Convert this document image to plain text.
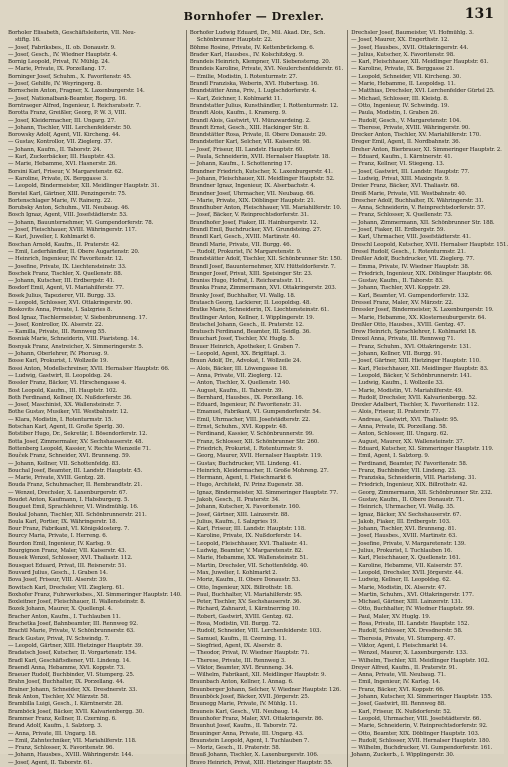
Bornhofer — Drexler.	131
Borholer Elisabeth, Geschäftsleiterin, VII. Neu-
stiftg. 16.
— Josef, Fabriksbes., II. ob. Donaustr. 9.
— Josef, Gesch., IV. Wiedner Hauptstr. 4.
Bornig Leopold, Privat, IV. Mühlg. 24.
— Marie, Private, IX. Porzellang. 17.
Borninger Josef, Schuhm., X. Favoritenstr. 45.
— Josef, Gehilfe, IV. Weyringerg. 8.
Bornschein Anton, Fragner, X. Laxenburgerstr. 14.
— Josef, Nationalbank-Beamter, Rogerg. 16.
Borntraeger Alfred, Ingenieur, I. Reichsratsstr. 7.
Borotta Franz, Greißler, Georg, P. W. 3, VIII.
— Josef, Kleidermacher, III. Ungarg. 27.
— Johann, Tischler, VIII. Lerchenfelderstr. 50.
Borowsky Adolf, Agent, VII. Kircheng. 44.
— Gustav, Kontrollor, VII. Zieglerg. 37.
— Johann, Kaufm., II. Taborstr. 24.
— Karl, Zuckerbäcker, III. Hauptstr. 43.
— Marie, Hebamme, XVI. Hasnerstr. 26.
Borsini Karl, Friseur, V. Margaretenstr. 62.
— Karoline, Private, IX. Berggasse 3.
— Leopold, Bindermeister, XII. Meidlinger Hauptstr. 31.
Borstel Karl, Gärtner, XIII. Penzingerstr. 75.
Bortenschlager Marie, IV. Rainerg. 22.
Borubsky Anton, Schuhm., VII. Neubaug. 46.
Bosch Ignaz, Agent, VIII. Josefstädterstr. 53.
— Johann, Bauunternehmer, VI. Gumpendorferstr. 78.
— Josef, Fleischhauer, XVIII. Währingerstr. 117.
— Karl, Juwelier, I. Kohlmarkt 6.
Boschan Arnold, Kaufm., II. Praterstr. 42.
— Emil, Lederhändler, II. Obere Augartenstr. 20.
— Heinrich, Ingenieur, IV. Favoritenstr. 12.
— Josefine, Private, IX. Liechtensteinstr. 33.
Boschek Franz, Tischler, X. Quellenstr. 88.
— Johann, Kutscher, III. Erdbergstr. 41.
Bosdorf Emil, Agent, VI. Mariahilferstr. 77.
Bosek Julius, Tapezierer, VII. Burgg. 33.
— Leopold, Schlosser, XVI. Ottakringerstr. 90.
Boskovits Anna, Private, I. Salzgries 8.
Bosl Ignaz, Tischlermeister, V. Siebenbrunneng. 17.
— Josef, Kontrollor, IX. Alserstr. 22.
— Kamilla, Private, III. Rennweg 55.
Bosniak Marie, Schneiderin, VIII. Piaristeng. 14.
Bosnyak Franz, Anstreicher, X. Simmeringerstr. 5.
— Johann, Oberlehrer, IV. Phorusg. 9.
Bosse Karl, Prokurist, I. Wollzeile 19.
Bossi Anton, Modellschreiner, XVII. Hernalser Hauptstr. 66.
— Ludwig, Gastwirt, II. Leopoldsg. 24.
Bossler Franz, Bäcker, VI. Hirschengasse 4.
Bost Leopold, Kaufm., III. Hauptstr. 102.
Both Ferdinand, Kellner, IX. Nußdorferstr. 36.
— Josef, Maschinist, XX. Wallensteinstr. 7.
Bothe Gustav, Musiker, VII. Westbahnstr. 12.
— Klara, Modistin, I. Rotenturmstr. 15.
Botschan Karl, Agent, II. Große Sperlg. 30.
Botstiber Hugo, Dr., Sekretär, I. Bösendorferstr. 12.
Botta Josef, Zimmermaler, XV. Sechshauserstr. 48.
Bottenberg Leopold, Kassier, V. Rechte Wienzeile 71.
Bouček Franz, Schneider, XVI. Brunneng. 59.
— Johann, Kellner, VII. Schottenfeldg. 83.
Bouchal Josef, Beamter, III. Landstr. Hauptstr. 45.
— Marie, Private, XVIII. Gentzg. 28.
Bouda Franz, Schuhmacher, II. Rembrandtstr. 21.
— Wenzel, Drechsler, X. Laxenburgerstr. 67.
Boudet Anton, Kaufmann, I. Habsburgerg. 5.
Bouguet Emil, Sprachlehrer, VI. Windmühlg. 16.
Boukal Johann, Tischler, XII. Schönbrunnerstr. 211.
Boula Karl, Portier, IX. Währingerstr. 18.
Bour Franz, Fabrikant, VI. Königsklosterg. 7.
Bourcy Maria, Private, I. Herreng. 6.
Bourdon Emil, Ingenieur, IV. Karlsg. 9.
Bourgignon Franz, Maler, VII. Kaiserstr. 43.
Bousek Wenzel, Schlosser, XVI. Thaliastr. 112.
Bousquet Eduard, Privat, III. Reisnerstr. 51.
Bouvard Julius, Gesch., I. Graben 14.
Bova Josef, Friseur, VIII. Alserstr. 39.
Bowitsch Karl, Drechsler, VII. Zieglerg. 61.
Boxhofer Franz, Fuhrwerksbes., XI. Simmeringer Hauptstr. 140.
Boxleitner Josef, Fleischhauer, II. Wallensteinstr. 8.
Bozek Johann, Maurer, X. Quellenpl. 4.
Bracher Anton, Kaufm., I. Tuchlauben 11.
Brachetka Josef, Bahnbeamter, III. Rennweg 92.
Brachtl Marie, Private, V. Schönbrunnerstr. 63.
Brack Gustav, Privat, IV. Schwindg. 7.
— Leopold, Gärtner, XIII. Hietzinger Hauptstr. 39.
Bradatsch Josef, Kutscher, II. Vorgartenstr. 154.
Bradl Karl, Geschäftsdiener, VII. Lindeng. 14.
Braendl Anna, Hebamme, XVI. Koppstr. 73.
Braeuer Rudolf, Buchbinder, VI. Stumperg. 25.
Brahn Josef, Buchhalter, IX. Porzellang. 44.
Brainer Johann, Schneider, XX. Dresdnerstr. 33.
Brak Anton, Tischler, XV. Märzstr. 58.
Brambilla Luigi, Gesch., I. Kärntnerstr. 28.
Bramböck Josef, Bäcker, XVII. Kalvarienbergg. 30.
Brammer Franz, Kellner, II. Czerning. 6.
Brand Adolf, Kaufm., I. Salztorg. 3.
— Anna, Private, III. Ungarg. 18.
— Emil, Zahntechniker, VII. Mariahilferstr. 118.
— Franz, Schlosser, X. Favoritenstr. 96.
— Johann, Hausbes., XVIII. Währingerstr. 144.
— Josef, Agent, II. Taborstr. 61.
Borhofer Ludwig Eduard, Dr., Mil. Akad. Dir., Sch.
Schönbrunner Hauptstr. 22.
Böhme Rosine, Private, IV. Kettenbrückeng. 6.
Brader Karl, Hausbes., IV. Kolschitzkyg. 9.
Brandeis Heinrich, Klempner, VII. Siebensterng. 20.
Brandeis Karoline, Private, XVI. Neulerchenfelderstr. 61.
— Emilie, Modistin, I. Rotenturmstr. 27.
Brandl Franziska, Weberin, XVI. Hubertusg. 16.
Brandstätter Anna, Priv., I. Luglschdorferstr. 4.
— Karl, Zeichner, I. Kohlmarkt 11.
Brandstatter Julius, Kunsthändler, I. Rottenturmstr. 12.
Brandt Alois, Kaufm., I. Kramerg. 9.
Brandl Alois, Gastwirt, VI. Münzwardeing. 2.
Brandt Ernst, Gesch., XIII. Hackinger Str. 8.
Brandstätter Rosa, Private, II. Obere Donaustr. 29.
Brandstetter Karl, Selcher, VII. Kaiserstr. 98.
— Josef, Friseur, III. Landstr. Hauptstr. 60.
— Paula, Schneiderin, XVII. Hernalser Hauptstr. 18.
— Johann, Kaufm., I. Schottenring 17.
Brandner Friedrich, Kutscher, X. Laxenburgerstr. 41.
— Johann, Fleischhauer, XII. Meidlinger Hauptstr. 52.
Brandner Ignaz, Ingenieur, IX. Alserbachstr. 4.
Brandner Josef, Uhrmacher, VII. Neubaug. 66.
— Marie, Private, XIX. Döblinger Hauptstr. 21.
Brandhuber Anton, Fleischhauer, VII. Mariahilferstr. 10.
— Josef, Bäcker, V. Reinprechtsdorferstr. 31.
Brandhofer Josef, Fiaker, III. Hainburgerstr. 12.
Brandl Emil, Buchdrucker, XVI. Grundsteing. 27.
Brandl Karl, Gesch., XVIII. Martinstr. 40.
Brandl Marie, Private, VII. Burgg. 46.
— Rudolf, Prokurist, IV. Margaretenstr. 9.
Brandstätter Adolf, Tischler, XII. Schönbrunner Str. 150.
Brandl Josef, Bauunternehmer, XIV. Hütteldorferstr. 7.
Branger Josef, Privat, XIII. Speisinger Str. 23.
Braniss Hugo, Hofrat, I. Reichsratsstr. 11.
Branka Franz, Zimmermann, XVI. Ottakringerstr. 203.
Branky Josef, Buchhalter, VI. Wallg. 18.
Bratasch Georg, Lackierer, II. Leopoldsg. 48.
Bratke Marie, Schneiderin, IX. Liechtensteinstr. 61.
Bratlinger Anton, Kellner, I. Wipplingerstr. 19.
Bratschel Johann, Gesch., II. Praterstr. 12.
Bratusch Ferdinand, Beamter, III. Seidlg. 36.
Brauchart Josef, Tischler, XV. Huglg. 5.
Brauer Heinrich, Apotheker, I. Graben 7.
— Leopold, Agent, XX. Brigittapl. 3.
Braun Adolf, Dr., Advokat, I. Wollzeile 24.
— Alois, Bäcker, III. Löwengasse 18.
— Anna, Private, VII. Zieglerg. 12.
— Anton, Tischler, X. Quellenstr. 140.
— August, Kaufm., II. Taborstr. 39.
— Bernhard, Hausbes., IX. Porzellang. 16.
— Eduard, Ingenieur, IV. Favoritenstr. 31.
— Emanuel, Fabrikant, VI. Gumpendorferstr. 54.
— Emil, Uhrmacher, VIII. Josefstädterstr. 22.
— Ernst, Schuhm., XVI. Koppstr. 48.
— Ferdinand, Kassier, V. Schönbrunnerstr. 99.
— Franz, Schlosser, XII. Schönbrunner Str. 260.
— Friedrich, Prokurist, I. Rotenturmstr. 9.
— Georg, Maurer, XVII. Hernalser Hauptstr. 119.
— Gustav, Buchdrucker, VII. Lindeng. 41.
— Heinrich, Kleidermacher, II. Große Mohreng. 27.
— Hermann, Agent, I. Fleischmarkt 6.
— Hugo, Architekt, IV. Prinz Eugenstr. 38.
— Ignaz, Bindermeister, XI. Simmeringer Hauptstr. 77.
— Jakob, Gesch., II. Praterstr. 34.
— Johann, Kutscher, X. Favoritenstr. 160.
— Josef, Gärtner, XIII. Lainzerstr. 88.
— Julius, Kaufm., I. Salzgries 19.
— Karl, Friseur, III. Landstr. Hauptstr. 118.
— Karoline, Private, IX. Nußdorferstr. 14.
— Leopold, Fleischhauer, XVI. Thaliastr. 41.
— Ludwig, Beamter, V. Margaretenstr. 82.
— Marie, Hebamme, XX. Wallensteinstr. 51.
— Martin, Drechsler, VII. Schottenfeldg. 40.
— Max, Juwelier, I. Kohlmarkt 2.
— Moriz, Kaufm., II. Obere Donaustr. 53.
— Otto, Ingenieur, XIX. Billrothstr. 18.
— Paul, Buchhalter, VI. Mariahilferstr. 95.
— Peter, Tischler, XV. Sechshauserstr. 36.
— Richard, Zahnarzt, I. Kärntnerring 10.
— Robert, Gastwirt, XVIII. Gentzg. 62.
— Rosa, Modistin, VII. Burgg. 72.
— Rudolf, Schneider, VIII. Lerchenfelderstr. 103.
— Samuel, Kaufm., II. Czerning. 11.
— Siegfried, Agent, IX. Alserstr. 8.
— Theodor, Privat, IV. Wiedner Hauptstr. 71.
— Therese, Private, III. Rennweg 3.
— Viktor, Beamter, XVI. Brunneng. 34.
— Wilhelm, Fabrikant, XII. Meidlinger Hauptstr. 9.
Braunbach Anton, Kellner, I. Annag. 6.
Braunberger Johann, Selcher, V. Wiedner Hauptstr. 126.
Braunböck Josef, Bäcker, XVII. Jörgerstr. 25.
Braunegg Marie, Private, IV. Mühlg. 11.
Brauneis Karl, Gesch., VII. Neubaug. 14.
Braunhofer Franz, Maler, XVI. Ottakringerstr. 86.
Braunhut Josef, Kaufm., II. Taborstr. 72.
Brauninger Anna, Private, III. Ungarg. 43.
Braunstein Leopold, Agent, I. Tuchlauben 7.
— Moriz, Gesch., II. Praterstr. 58.
Brauß Johann, Tischler, X. Laxenburgerstr. 106.
Bravo Heinrich, Privat, XIII. Hietzinger Hauptstr. 55.
Drechsler Josef, Baumeister, VI. Hofmühlg. 3.
— Josef, Maurer, XX. Engerthstr. 12.
— Josef, Hausbes., XVII. Ottakringerstr. 44.
— Julius, Kutscher, X. Favoritenstr. 98.
— Karl, Fleischhauer, XII. Meidlinger Hauptstr. 61.
— Karoline, Private, IX. Berggasse 21.
— Leopold, Schneider, VII. Kircheng. 30.
— Marie, Hebamme, II. Leopoldsg. 11.
— Matthias, Drechsler, XVI. Lerchenfelder Gürtel 25.
— Michael, Schlosser, III. Kleistg. 8.
— Otto, Ingenieur, IV. Schwindg. 19.
— Paula, Modistin, I. Graben 26.
— Rudolf, Gesch., V. Margaretenstr. 104.
— Therese, Private, XVIII. Währingerstr. 90.
Drecker Anton, Tischler, XV. Mariahilferstr. 170.
Dreger Emil, Agent, II. Nordbahnstr. 36.
Dreher Anton, Bierbrauer, XI. Simmeringer Hauptstr. 2.
— Eduard, Kaufm., I. Kärntnerstr. 41.
— Franz, Kellner, VI. Stiegeng. 13.
— Josef, Gastwirt, III. Landstr. Hauptstr. 77.
— Ludwig, Privat, XIII. Maxingstr. 9.
Dreier Franz, Bäcker, XVI. Thaliastr. 68.
Dreiß Marie, Private, VII. Westbahnstr. 40.
Drescher Adolf, Buchhalter, IX. Währingerstr. 31.
— Anna, Schneiderin, V. Reinprechtsdorferstr. 57.
— Franz, Schlosser, X. Quellenstr. 73.
— Johann, Zimmermann, XII. Schönbrunner Str. 188.
— Josef, Fiaker, III. Erdbergstr. 59.
— Karl, Uhrmacher, VIII. Josefstädterstr. 41.
Dreschl Leopold, Kutscher, XVII. Hernalser Hauptstr. 151.
Dresel Rudolf, Gesch., I. Rotenturmstr. 21.
Dreßler Adolf, Buchdrucker, VII. Zieglerg. 77.
— Emma, Private, IV. Wiedner Hauptstr. 38.
— Friedrich, Ingenieur, XIX. Döblinger Hauptstr. 66.
— Gustav, Kaufm., II. Taborstr. 83.
— Johann, Tischler, XVI. Koppstr. 29.
— Karl, Beamter, VI. Gumpendorferstr. 132.
Dressel Franz, Maler, XV. Märzstr. 22.
Dressler Josef, Bindermeister, X. Laxenburgerstr. 19.
— Marie, Hebamme, XX. Klosterneuburgerstr. 64.
Dreßler Otto, Hausbes., XVIII. Gentzg. 47.
Drew Heinrich, Sprachlehrer, I. Kohlmarkt 18.
Drexel Anna, Private, III. Rennweg 71.
— Franz, Schuhm., XVI. Ottakringerstr. 131.
— Johann, Kellner, VII. Burgg. 91.
— Josef, Gärtner, XIII. Hietzinger Hauptstr. 110.
— Karl, Fleischhauer, XII. Meidlinger Hauptstr. 83.
— Leopold, Bäcker, V. Schönbrunnerstr. 141.
— Ludwig, Kaufm., I. Wollzeile 33.
— Marie, Modistin, VI. Mariahilferstr. 49.
— Rudolf, Drechsler, XVII. Kalvarienbergg. 52.
Drexler Adalbert, Tischler, X. Favoritenstr. 112.
— Alois, Friseur, II. Praterstr. 77.
— Andreas, Gastwirt, XVI. Thaliastr. 95.
— Anna, Private, IX. Porzellang. 58.
— Anton, Schlosser, III. Ungarg. 62.
— August, Maurer, XX. Wallensteinstr. 37.
— Eduard, Kutscher, XI. Simmeringer Hauptstr. 119.
— Emil, Agent, I. Salztorg. 9.
— Ferdinand, Beamter, IV. Favoritenstr. 58.
— Franz, Buchbinder, VII. Lindeng. 23.
— Franziska, Schneiderin, VIII. Piaristeng. 31.
— Friedrich, Ingenieur, XIX. Billrothstr. 42.
— Georg, Zimmermann, XII. Schönbrunner Str. 232.
— Gustav, Kaufm., II. Obere Donaustr. 71.
— Heinrich, Uhrmacher, VI. Wallg. 35.
— Ignaz, Bäcker, XV. Sechshauserstr. 67.
— Jakob, Fiaker, III. Erdbergstr. 103.
— Johann, Tischler, XVI. Brunneng. 81.
— Josef, Hausbes., XVIII. Martinstr. 63.
— Josefine, Private, V. Margaretenstr. 139.
— Julius, Prokurist, I. Tuchlauben 16.
— Karl, Fleischhauer, X. Quellenstr. 161.
— Karoline, Hebamme, VII. Kaiserstr. 57.
— Leopold, Drechsler, XVII. Jörgerstr. 44.
— Ludwig, Kellner, II. Leopoldsg. 62.
— Marie, Modistin, IX. Alserstr. 47.
— Martin, Schuhm., XVI. Ottakringerstr. 177.
— Michael, Gärtner, XIII. Lainzerstr. 131.
— Otto, Buchhalter, IV. Wiedner Hauptstr. 99.
— Paul, Maler, XV. Huglg. 19.
— Rosa, Private, III. Landstr. Hauptstr. 152.
— Rudolf, Schlosser, XX. Dresdnerstr. 58.
— Theresia, Private, VI. Stumperg. 47.
— Viktor, Agent, I. Fleischmarkt 14.
— Wenzel, Maurer, X. Laxenburgerstr. 133.
— Wilhelm, Tischler, XII. Meidlinger Hauptstr. 102.
Dreyer Alfred, Kaufm., II. Praterstr. 91.
— Anna, Private, VII. Neubaug. 71.
— Emil, Ingenieur, IV. Karlsg. 14.
— Franz, Bäcker, XVI. Koppstr. 66.
— Johann, Kutscher, XI. Simmeringer Hauptstr. 155.
— Josef, Gastwirt, III. Rennweg 88.
— Karl, Friseur, IX. Nußdorferstr. 52.
— Leopold, Uhrmacher, VIII. Josefstädterstr. 66.
— Marie, Schneiderin, V. Reinprechtsdorferstr. 92.
— Otto, Beamter, XIX. Döblinger Hauptstr. 103.
— Rudolf, Schlosser, XVII. Hernalser Hauptstr. 180.
— Wilhelm, Buchdrucker, VI. Gumpendorferstr. 161.
Johann, Zuckerb., I. Wipplingerstr. 30.
